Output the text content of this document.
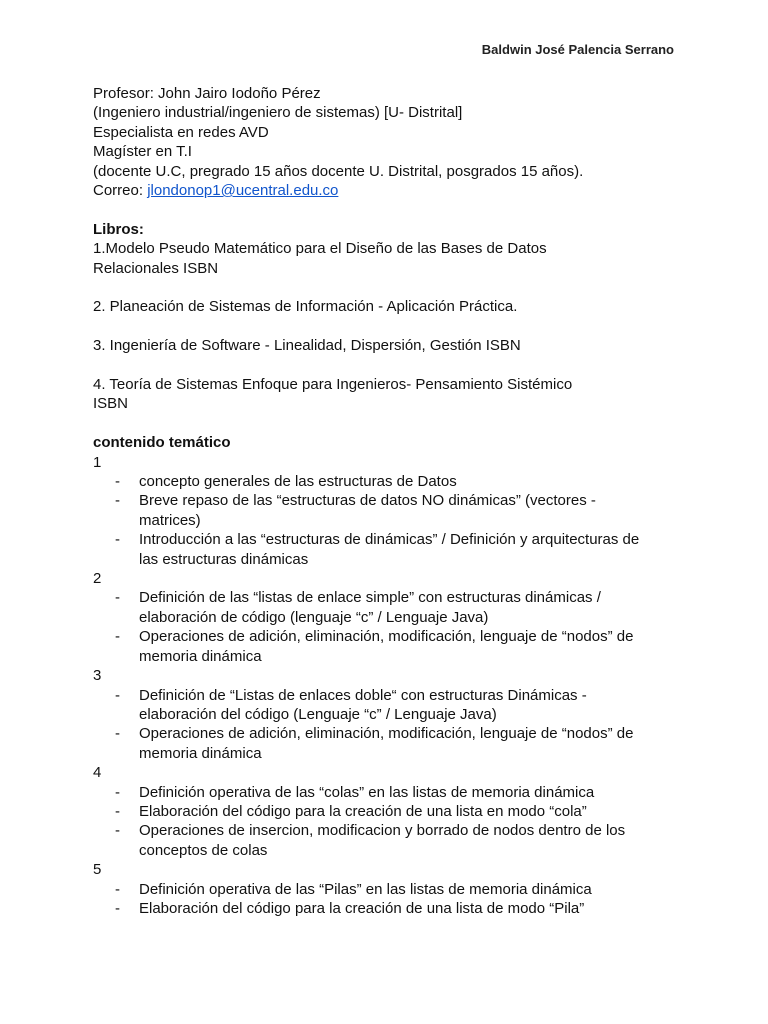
Baldwin José Palencia Serrano

Profesor: John Jairo Iodoño Pérez

(Ingeniero industrial/ingeniero de sistemas) [U- Distrital]

Especialista en redes AVD

Magíster en T.I

(docente U.C, pregrado 15 años docente U. Distrital, posgrados 15 años).

Correo: jlondonop1@ucentral.edu.co

Libros:

1.Modelo Pseudo Matemático para el Diseño de las Bases de Datos

Relacionales ISBN

2. Planeación de Sistemas de Información - Aplicación Práctica.

3. Ingeniería de Software - Linealidad, Dispersión, Gestión ISBN

4. Teoría de Sistemas Enfoque para Ingenieros- Pensamiento Sistémico

ISBN

contenido temático

1

- concepto generales de las estructuras de Datos
- Breve repaso de las “estructuras de datos NO dinámicas” (vectores -
matrices)
- Introducción a las “estructuras de dinámicas” / Definición y arquitecturas de
las estructuras dinámicas

2

- Definición de las “listas de enlace simple” con estructuras dinámicas /
elaboración de código (lenguaje “c” / Lenguaje Java)
- Operaciones de adición, eliminación, modificación, lenguaje de “nodos” de
memoria dinámica

3

- Definición de “Listas de enlaces doble“ con estructuras Dinámicas -
elaboración del código (Lenguaje “c” / Lenguaje Java)
- Operaciones de adición, eliminación, modificación, lenguaje de “nodos” de
memoria dinámica

4

- Definición operativa de las “colas” en las listas de memoria dinámica
- Elaboración del código para la creación de una lista en modo “cola”
- Operaciones de insercion, modificacion y borrado de nodos dentro de los
conceptos de colas

5

- Definición operativa de las “Pilas” en las listas de memoria dinámica
- Elaboración del código para la creación de una lista de modo “Pila”
